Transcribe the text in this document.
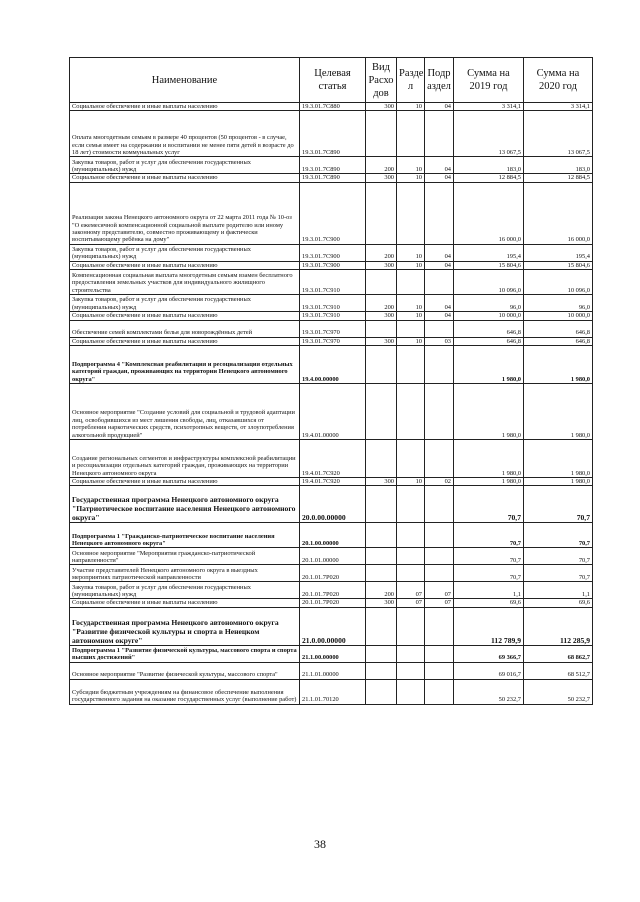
Наименование	Целевая статья	Вид Расхо дов	Разде л	Подр аздел	Сумма на 2019 год	Сумма на 2020 год
Социальное обеспечение и иные выплаты населению	19.3.01.7С880	300	10	04	3 314,1	3 314,1
Оплата многодетным семьям в размере 40 процентов (50 процентов - в случае, если семья имеет на содержании и воспитании не менее пяти детей в возрасте до 18 лет) стоимости коммунальных услуг	19.3.01.7С890				13 067,5	13 067,5
Закупка товаров, работ и услуг для обеспечения государственных (муниципальных) нужд	19.3.01.7С890	200	10	04	183,0	183,0
Социальное обеспечение и иные выплаты населению	19.3.01.7С890	300	10	04	12 884,5	12 884,5
Реализация закона Ненецкого автономного округа от 22 марта 2011 года № 10-оз "О ежемесячной компенсационной социальной выплате родителю или иному законному представителю, совместно проживающему и фактически воспитывающему ребёнка на дому"	19.3.01.7С900				16 000,0	16 000,0
Закупка товаров, работ и услуг для обеспечения государственных (муниципальных) нужд	19.3.01.7С900	200	10	04	195,4	195,4
Социальное обеспечение и иные выплаты населению	19.3.01.7С900	300	10	04	15 804,6	15 804,6
Компенсационная социальная выплата многодетным семьям взамен бесплатного предоставления земельных участков для индивидуального жилищного строительства	19.3.01.7С910				10 096,0	10 096,0
Закупка товаров, работ и услуг для обеспечения государственных (муниципальных) нужд	19.3.01.7С910	200	10	04	96,0	96,0
Социальное обеспечение и иные выплаты населению	19.3.01.7С910	300	10	04	10 000,0	10 000,0
Обеспечение семей комплектами белья для новорождённых детей	19.3.01.7С970				646,8	646,8
Социальное обеспечение и иные выплаты населению	19.3.01.7С970	300	10	03	646,8	646,8
Подпрограмма 4 "Комплексная реабилитация и ресоциализация отдельных категорий граждан, проживающих на территории Ненецкого автономного округа"	19.4.00.00000				1 980,0	1 980,0
Основное мероприятие "Создание условий для социальной и трудовой адаптации лиц, освободившихся из мест лишения свободы, лиц, отказавшихся от потребления наркотических средств, психотропных веществ, от злоупотребления алкогольной продукцией"	19.4.01.00000				1 980,0	1 980,0
Создание региональных сегментов и инфраструктуры комплексной реабилитации и ресоциализации отдельных категорий граждан, проживающих на территории Ненецкого автономного округа	19.4.01.7С920				1 980,0	1 980,0
Социальное обеспечение и иные выплаты населению	19.4.01.7С920	300	10	02	1 980,0	1 980,0
Государственная программа Ненецкого автономного округа "Патриотическое воспитание населения Ненецкого автономного округа"	20.0.00.00000				70,7	70,7
Подпрограмма 1 "Гражданско-патриотическое воспитание населения Ненецкого автономного округа"	20.1.00.00000				70,7	70,7
Основное мероприятие "Мероприятия гражданско-патриотической направленности"	20.1.01.00000				70,7	70,7
Участие представителей Ненецкого автономного округа в выездных мероприятиях патриотической направленности	20.1.01.7Р020				70,7	70,7
Закупка товаров, работ и услуг для обеспечения государственных (муниципальных) нужд	20.1.01.7Р020	200	07	07	1,1	1,1
Социальное обеспечение и иные выплаты населению	20.1.01.7Р020	300	07	07	69,6	69,6
Государственная программа Ненецкого автономного округа "Развитие физической культуры и спорта в Ненецком автономном округе"	21.0.00.00000				112 789,9	112 285,9
Подпрограмма 1 "Развитие физической культуры, массового спорта и спорта высших достижений"	21.1.00.00000				69 366,7	68 862,7
Основное мероприятие "Развитие физической культуры, массового спорта"	21.1.01.00000				69 016,7	68 512,7
Субсидии бюджетным учреждениям на финансовое обеспечение выполнения государственного задания на оказание государственных услуг (выполнение работ)	21.1.01.70120				50 232,7	50 232,7
38
